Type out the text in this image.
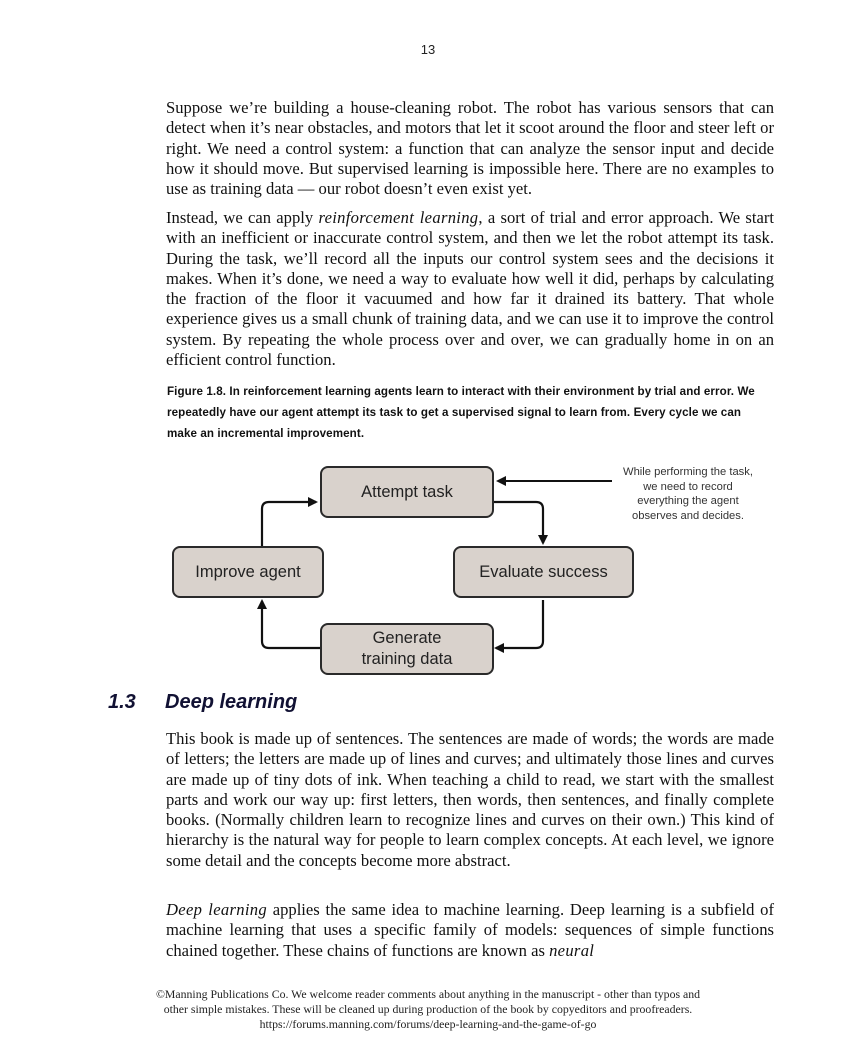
13

Suppose we’re building a house-cleaning robot. The robot has various sensors that can detect when it’s near obstacles, and motors that let it scoot around the floor and steer left or right. We need a control system: a function that can analyze the sensor input and decide how it should move. But supervised learning is impossible here. There are no examples to use as training data — our robot doesn’t even exist yet.

Instead, we can apply reinforcement learning, a sort of trial and error approach. We start with an inefficient or inaccurate control system, and then we let the robot attempt its task. During the task, we’ll record all the inputs our control system sees and the decisions it makes. When it’s done, we need a way to evaluate how well it did, perhaps by calculating the fraction of the floor it vacuumed and how far it drained its battery. That whole experience gives us a small chunk of training data, and we can use it to improve the control system. By repeating the whole process over and over, we can gradually home in on an efficient control function.

Figure 1.8. In reinforcement learning agents learn to interact with their environment by trial and error. We repeatedly have our agent attempt its task to get a supervised signal to learn from. Every cycle we can make an incremental improvement.
Attempt task
Evaluate success
Generate
training data
Improve agent
While performing the task,
we need to record
everything the agent
observes and decides.
1.3 Deep learning

This book is made up of sentences. The sentences are made of words; the words are made of letters; the letters are made up of lines and curves; and ultimately those lines and curves are made up of tiny dots of ink. When teaching a child to read, we start with the smallest parts and work our way up: first letters, then words, then sentences, and finally complete books. (Normally children learn to recognize lines and curves on their own.) This kind of hierarchy is the natural way for people to learn complex concepts. At each level, we ignore some detail and the concepts become more abstract.

Deep learning applies the same idea to machine learning. Deep learning is a subfield of machine learning that uses a specific family of models: sequences of simple functions chained together. These chains of functions are known as neural

©Manning Publications Co. We welcome reader comments about anything in the manuscript - other than typos and
other simple mistakes. These will be cleaned up during production of the book by copyeditors and proofreaders.
https://forums.manning.com/forums/deep-learning-and-the-game-of-go
